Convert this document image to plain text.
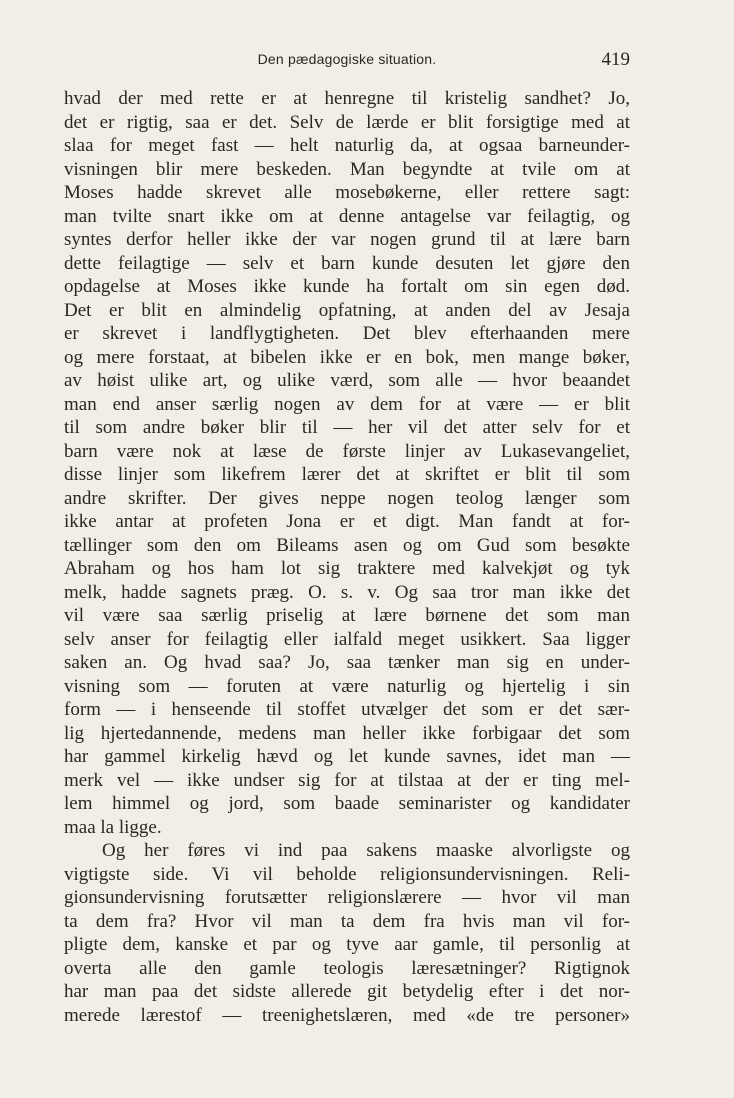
Den pædagogiske situation.	419
hvad der med rette er at henregne til kristelig sandhet? Jo,
det er rigtig, saa er det. Selv de lærde er blit forsigtige med at
slaa for meget fast — helt naturlig da, at ogsaa barneunder-
visningen blir mere beskeden. Man begyndte at tvile om at
Moses hadde skrevet alle mosebøkerne, eller rettere sagt:
man tvilte snart ikke om at denne antagelse var feilagtig, og
syntes derfor heller ikke der var nogen grund til at lære barn
dette feilagtige — selv et barn kunde desuten let gjøre den
opdagelse at Moses ikke kunde ha fortalt om sin egen død.
Det er blit en almindelig opfatning, at anden del av Jesaja
er skrevet i landflygtigheten. Det blev efterhaanden mere
og mere forstaat, at bibelen ikke er en bok, men mange bøker,
av høist ulike art, og ulike værd, som alle — hvor beaandet
man end anser særlig nogen av dem for at være — er blit
til som andre bøker blir til — her vil det atter selv for et
barn være nok at læse de første linjer av Lukasevangeliet,
disse linjer som likefrem lærer det at skriftet er blit til som
andre skrifter. Der gives neppe nogen teolog længer som
ikke antar at profeten Jona er et digt. Man fandt at for-
tællinger som den om Bileams asen og om Gud som besøkte
Abraham og hos ham lot sig traktere med kalvekjøt og tyk
melk, hadde sagnets præg. O. s. v. Og saa tror man ikke det
vil være saa særlig priselig at lære børnene det som man
selv anser for feilagtig eller ialfald meget usikkert. Saa ligger
saken an. Og hvad saa? Jo, saa tænker man sig en under-
visning som — foruten at være naturlig og hjertelig i sin
form — i henseende til stoffet utvælger det som er det sær-
lig hjertedannende, medens man heller ikke forbigaar det som
har gammel kirkelig hævd og let kunde savnes, idet man —
merk vel — ikke undser sig for at tilstaa at der er ting mel-
lem himmel og jord, som baade seminarister og kandidater
maa la ligge.
Og her føres vi ind paa sakens maaske alvorligste og
vigtigste side. Vi vil beholde religionsundervisningen. Reli-
gionsundervisning forutsætter religionslærere — hvor vil man
ta dem fra? Hvor vil man ta dem fra hvis man vil for-
pligte dem, kanske et par og tyve aar gamle, til personlig at
overta alle den gamle teologis læresætninger? Rigtignok
har man paa det sidste allerede git betydelig efter i det nor-
merede lærestof — treenighetslæren, med «de tre personer»
